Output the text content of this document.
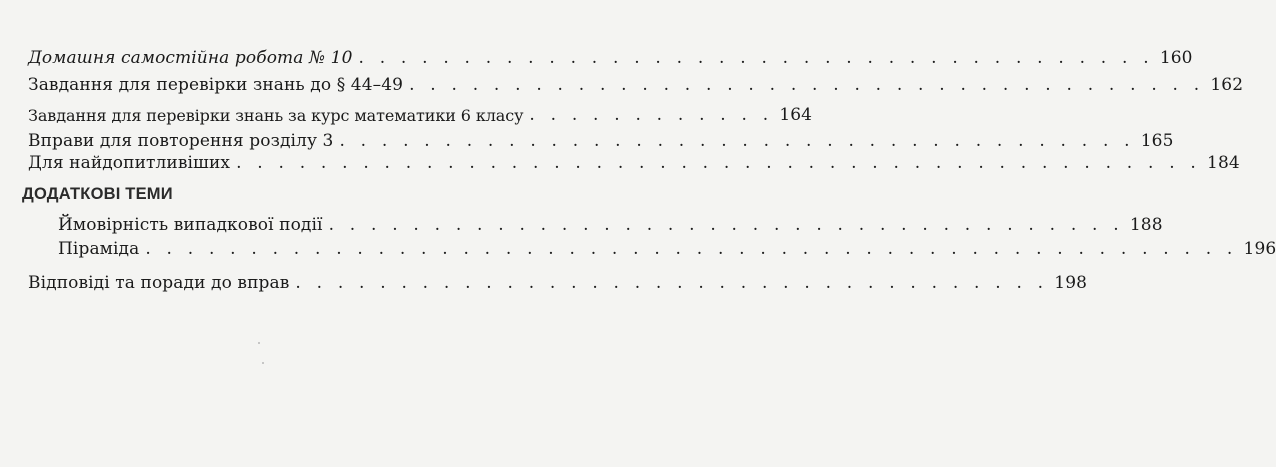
Домашня самостійна робота № 10 . . . . . . . . . . . . . . . . . . . . . . . . . . . . . . . . . . . . . . 160
Завдання для перевірки знань до § 44–49 . . . . . . . . . . . . . . . . . . . . . . . . . . . . . . . . . . . . . . 162
Завдання для перевірки знань за курс математики 6 класу . . . . . . . . . . . . 164
Вправи для повторення розділу 3 . . . . . . . . . . . . . . . . . . . . . . . . . . . . . . . . . . . . . . 165
Для найдопитливіших . . . . . . . . . . . . . . . . . . . . . . . . . . . . . . . . . . . . . . . . . . . . . . 184
ДОДАТКОВІ ТЕМИ
Ймовірність випадкової події . . . . . . . . . . . . . . . . . . . . . . . . . . . . . . . . . . . . . . 188
Піраміда . . . . . . . . . . . . . . . . . . . . . . . . . . . . . . . . . . . . . . . . . . . . . . . . . . . . 196
Відповіді та поради до вправ . . . . . . . . . . . . . . . . . . . . . . . . . . . . . . . . . . . . 198
